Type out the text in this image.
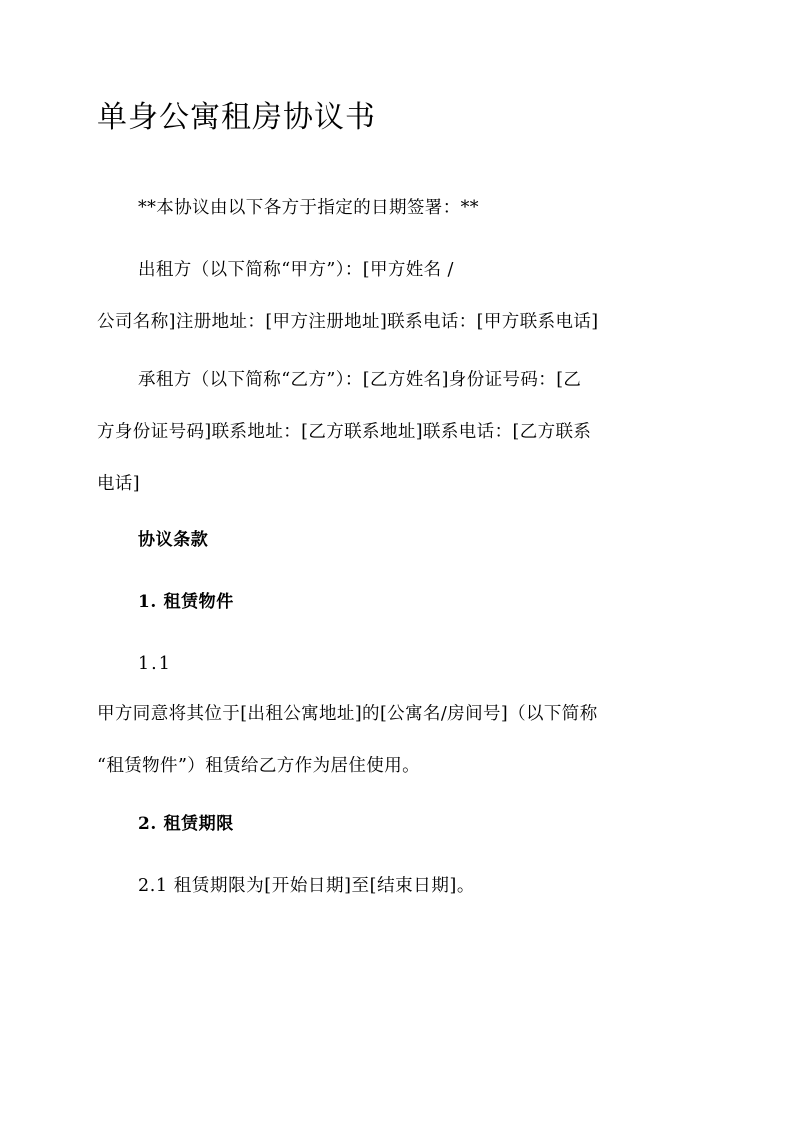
单身公寓租房协议书

**本协议由以下各方于指定的日期签署：**

出租方（以下简称“甲方”）：[甲方姓名 /
公司名称]注册地址：[甲方注册地址]联系电话：[甲方联系电话]

承租方（以下简称“乙方”）：[乙方姓名]身份证号码：[乙
方身份证号码]联系地址：[乙方联系地址]联系电话：[乙方联系
电话]

协议条款
1. 租赁物件

1.1

甲方同意将其位于[出租公寓地址]的[公寓名/房间号]（以下简称
“租赁物件”）租赁给乙方作为居住使用。

2. 租赁期限

2.1 租赁期限为[开始日期]至[结束日期]。
